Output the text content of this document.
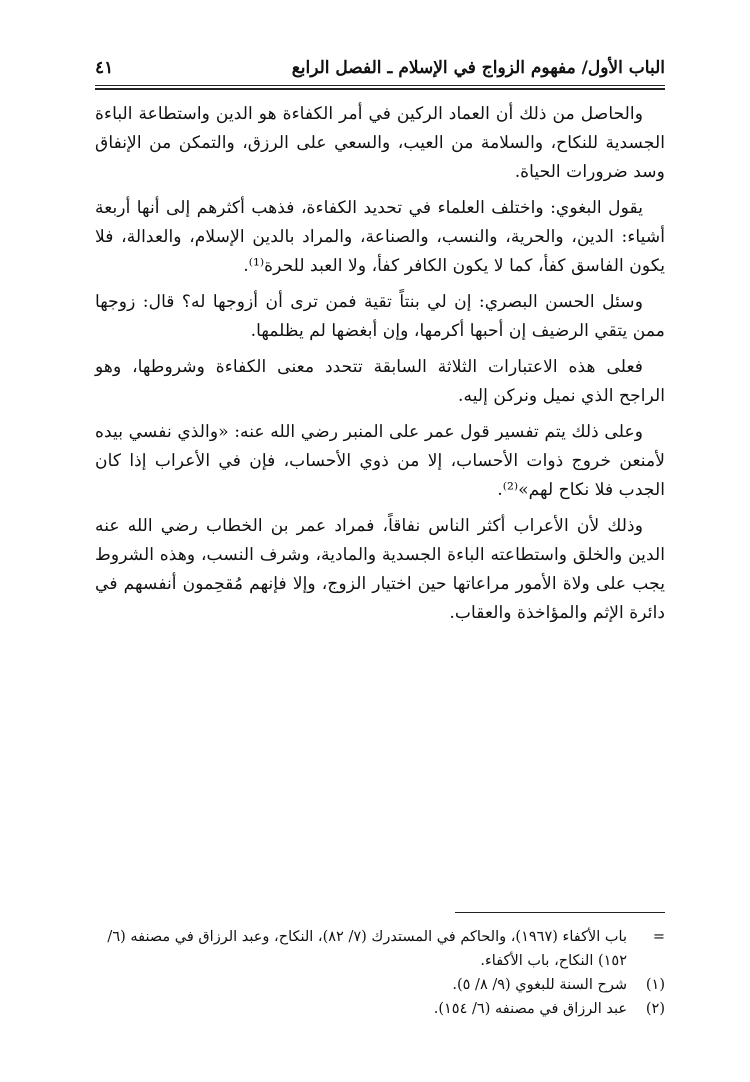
الباب الأول/ مفهوم الزواج في الإسلام ـ الفصل الرابع
٤١

والحاصل من ذلك أن العماد الركين في أمر الكفاءة هو الدين واستطاعة الباءة الجسدية للنكاح، والسلامة من العيب، والسعي على الرزق، والتمكن من الإنفاق وسد ضرورات الحياة.

يقول البغوي: واختلف العلماء في تحديد الكفاءة، فذهب أكثرهم إلى أنها أربعة أشياء: الدين، والحرية، والنسب، والصناعة، والمراد بالدين الإسلام، والعدالة، فلا يكون الفاسق كفأ، كما لا يكون الكافر كفأ، ولا العبد للحرة⁽¹⁾.

وسئل الحسن البصري: إن لي بنتاً تقية فمن ترى أن أزوجها له؟ قال: زوجها ممن يتقي الرضيف إن أحبها أكرمها، وإن أبغضها لم يظلمها.

فعلى هذه الاعتبارات الثلاثة السابقة تتحدد معنى الكفاءة وشروطها، وهو الراجح الذي نميل ونركن إليه.

وعلى ذلك يتم تفسير قول عمر على المنبر رضي الله عنه: «والذي نفسي بيده لأمنعن خروج ذوات الأحساب، إلا من ذوي الأحساب، فإن في الأعراب إذا كان الجدب فلا نكاح لهم»⁽²⁾.

وذلك لأن الأعراب أكثر الناس نفاقاً، فمراد عمر بن الخطاب رضي الله عنه الدين والخلق واستطاعته الباءة الجسدية والمادية، وشرف النسب، وهذه الشروط يجب على ولاة الأمور مراعاتها حين اختيار الزوج، وإلا فإنهم مُقحِمون أنفسهم في دائرة الإثم والمؤاخذة والعقاب.

=
باب الأكفاء (١٩٦٧)، والحاكم في المستدرك (٧/ ٨٢)، النكاح، وعبد الرزاق في مصنفه (٦/ ١٥٢) النكاح، باب الأكفاء.
(١)
شرح السنة للبغوي (٩/ ٨/ ٥).
(٢)
عبد الرزاق في مصنفه (٦/ ١٥٤).
